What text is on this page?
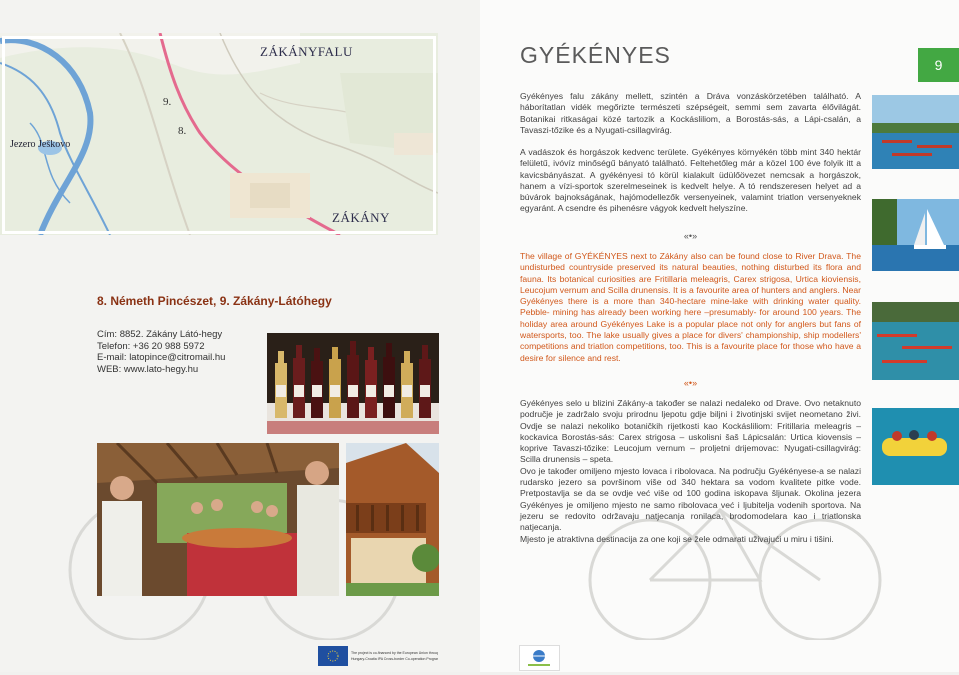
ZÁKÁNYFALU
ZÁKÁNY
Jezero Ješkovo
9.
8.
8. Németh Pincészet, 9. Zákány-Látóhegy
Cím: 8852. Zákány Látó-hegy
Telefon: +36 20 988 5972
E-mail: latopince@citromail.hu
WEB: www.lato-hegy.hu
GYÉKÉNYES	9

Gyékényes falu zákány mellett, szintén a Dráva vonzáskörzetében található. A háborítatlan vidék megőrizte természeti szépségeit, semmi sem zavarta élővilágát. Botanikai ritkaságai közé tartozik a Kockásliliom, a Borostás-sás, a Lápi-csalán, a Tavaszi-tőzike és a Nyugati-csillagvirág.

A vadászok és horgászok kedvenc területe. Gyékényes környékén több mint 340 hektár felületű, ivóvíz minőségű bányató található. Feltehetőleg már a közel 100 éve folyik itt a kavicsbányászat. A gyékényesi tó körül kialakult üdülőövezet nemcsak a horgászok, hanem a vízi-sportok szerelmeseinek is kedvelt helye. A tó rendszeresen helyet ad a búvárok bajnokságának, hajómodellezők versenyeinek, valamint triatlon versenyeknek egyaránt. A csendre és pihenésre vágyok kedvelt helyszíne.

«•»

The village of GYÉKÉNYES next to Zákány also can be found close to River Drava. The undisturbed countryside preserved its natural beauties, nothing disturbed its flora and fauna. Its botanical curiosities are Fritillaria meleagris, Carex strigosa, Urtica kioviensis, Leucojum vernum and Scilla drunensis. It is a favourite area of hunters and anglers. Near Gyékényes there is a more than 340-hectare mine-lake with drinking water quality. Pebble- mining has already been working here –presumably- for around 100 years. The holiday area around Gyékényes Lake is a popular place not only for anglers but fans of watersports, too. The lake usually gives a place for divers' championship, ship modellers' competitions and triatlon competitions, too. This is a favourite place for those who have a desire for silence and rest.

«•»

Gyékényes selo u blizini Zákány-a također se nalazi nedaleko od Drave. Ovo netaknuto područje je zadržalo svoju prirodnu ljepotu gdje biljni i životinjski svijet neometano živi. Ovdje se nalazi nekoliko botaničkih rijetkosti kao Kockásliliom: Fritillaria meleagris – kockavica Borostás-sás: Carex strigosa – uskolisni šaš Lápicsalán: Urtica kiovensis – koprive Tavaszi-tőzike: Leucojum vernum – proljetni drijemovac: Nyugati-csillagvirág: Scilla drunensis – speta.

Ovo je također omiljeno mjesto lovaca i ribolovaca. Na području Gyékényese-a se nalazi rudarsko jezero sa površinom više od 340 hektara sa vodom kvalitete pitke vode. Pretpostavlja se da se ovdje već više od 100 godina iskopava šljunak. Okolina jezera Gyékényes je omiljeno mjesto ne samo ribolovaca već i ljubitelja vodenih sportova. Na jezeru se redovito održavaju natjecanja ronilaca, brodomodelara kao i triatlonska natjecanja.

Mjesto je atraktivna destinacija za one koji se žele odmarati uživajući u miru i tišini.

The project is co-financed by the European Union through the
Hungary-Croatia IPA Cross-border Co-operation Programme
